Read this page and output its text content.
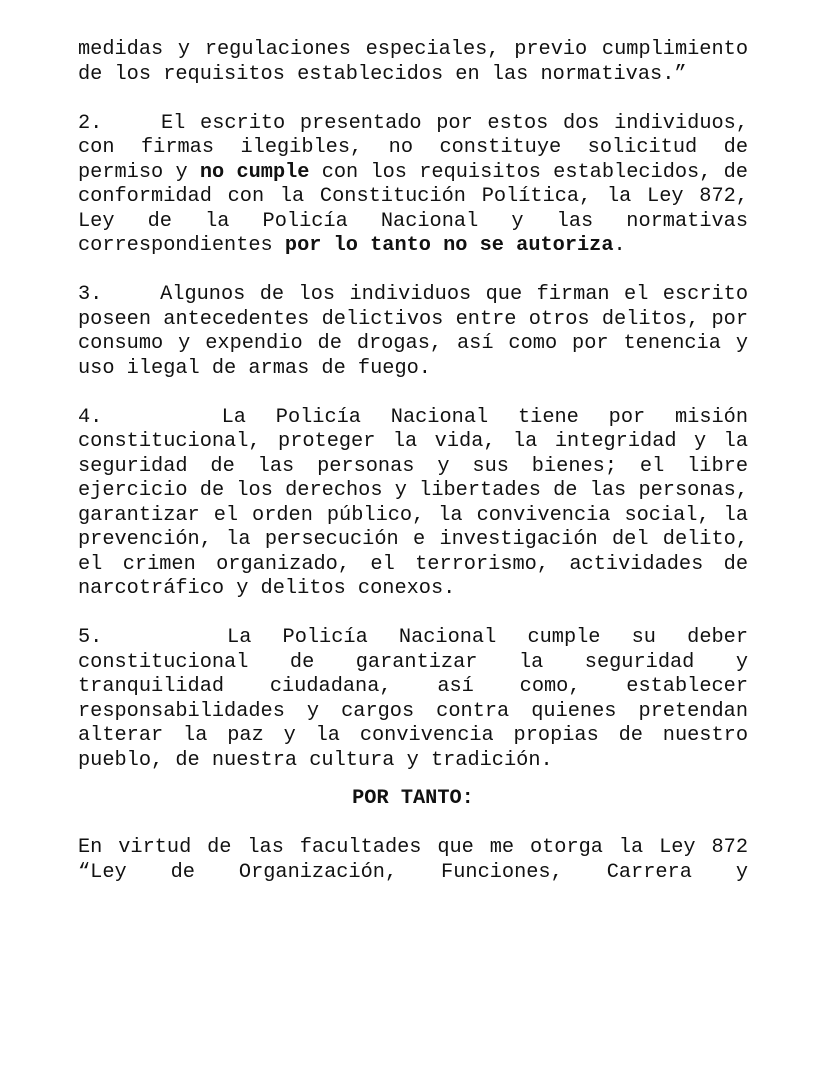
medidas y regulaciones especiales, previo cumplimiento de los requisitos establecidos en las normativas.”

2.	El escrito presentado por estos dos individuos, con firmas ilegibles, no constituye solicitud de permiso y no cumple con los requisitos establecidos, de conformidad con la Constitución Política, la Ley 872, Ley de la Policía Nacional y las normativas correspondientes por lo tanto no se autoriza.

3.	Algunos de los individuos que firman el escrito poseen antecedentes delictivos entre otros delitos, por consumo y expendio de drogas, así como por tenencia y uso ilegal de armas de fuego.

4.	La Policía Nacional tiene por misión constitucional, proteger la vida, la integridad y la seguridad de las personas y sus bienes; el libre ejercicio de los derechos y libertades de las personas, garantizar el orden público, la convivencia social, la prevención, la persecución e investigación del delito, el crimen organizado, el terrorismo, actividades de narcotráfico y delitos conexos.

5.	La Policía Nacional cumple su deber constitucional de garantizar la seguridad y tranquilidad ciudadana, así como, establecer responsabilidades y cargos contra quienes pretendan alterar la paz y la convivencia propias de nuestro pueblo, de nuestra cultura y tradición.

POR TANTO:

En virtud de las facultades que me otorga la Ley 872 “Ley de Organización, Funciones, Carrera y
